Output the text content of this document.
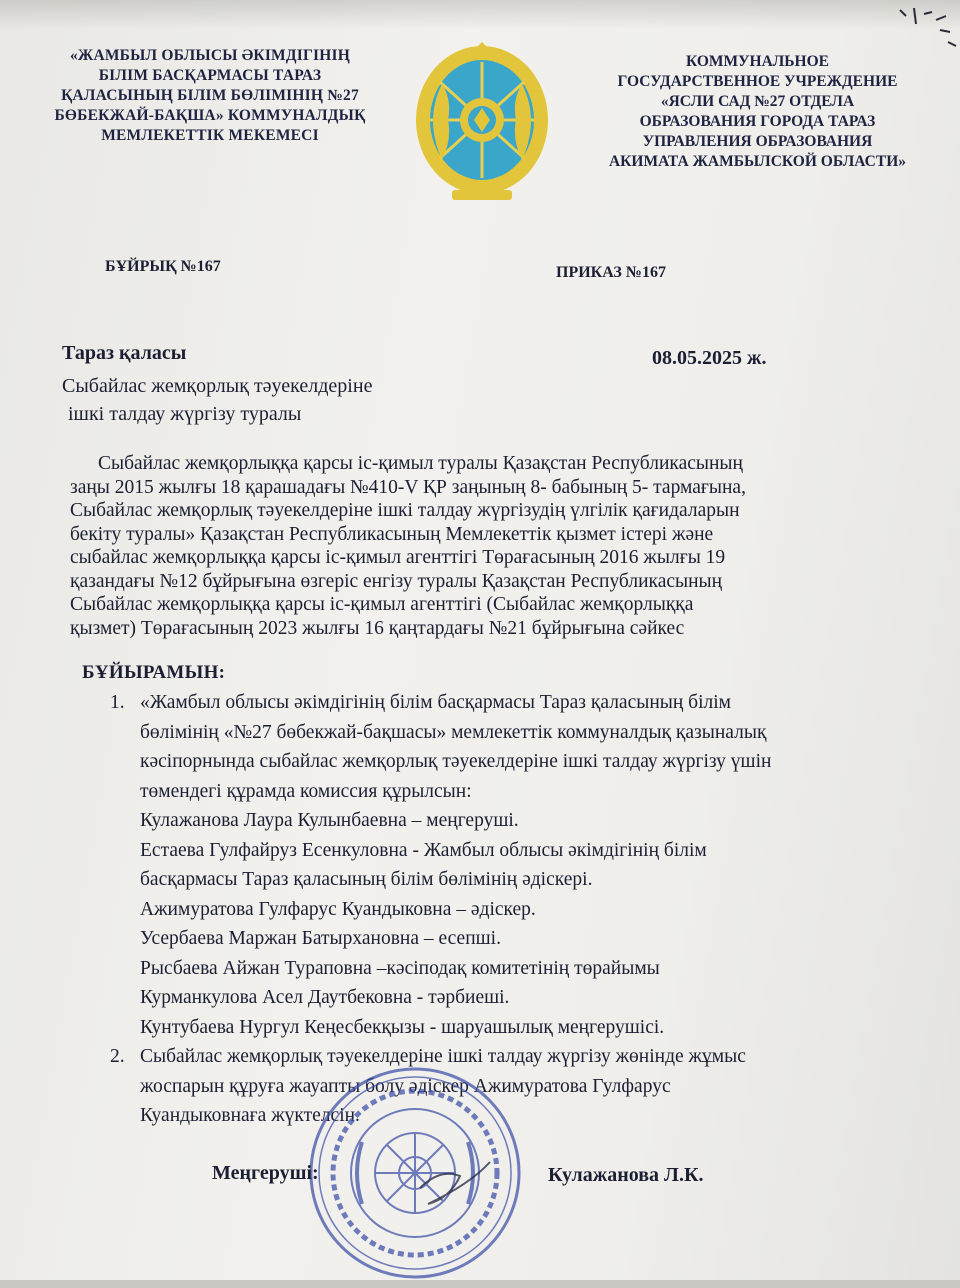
«ЖАМБЫЛ ОБЛЫСЫ ӘКІМДІГІНІҢ
БІЛІМ БАСҚАРМАСЫ ТАРАЗ
ҚАЛАСЫНЫҢ БІЛІМ БӨЛІМІНІҢ №27
БӨБЕКЖАЙ-БАҚША» КОММУНАЛДЫҚ
МЕМЛЕКЕТТІК МЕКЕМЕСІ
КОММУНАЛЬНОЕ
ГОСУДАРСТВЕННОЕ УЧРЕЖДЕНИЕ
«ЯСЛИ САД №27 ОТДЕЛА
ОБРАЗОВАНИЯ ГОРОДА ТАРАЗ
УПРАВЛЕНИЯ ОБРАЗОВАНИЯ
АКИМАТА ЖАМБЫЛСКОЙ ОБЛАСТИ»
БҰЙРЫҚ №167	ПРИКАЗ №167
Тараз қаласы	08.05.2025 ж.
Сыбайлас жемқорлық тәуекелдеріне
ішкі талдау жүргізу туралы
Сыбайлас жемқорлыққа қарсы іс-қимыл туралы Қазақстан Республикасының
заңы 2015 жылғы 18 қарашадағы №410-V ҚР заңының 8- бабының 5- тармағына,
Сыбайлас жемқорлық тәуекелдеріне ішкі талдау жүргізудің үлгілік қағидаларын
бекіту туралы» Қазақстан Республикасының Мемлекеттік қызмет істері және
сыбайлас жемқорлыққа қарсы іс-қимыл агенттігі Төрағасының 2016 жылғы 19
қазандағы №12 бұйрығына өзгеріс енгізу туралы Қазақстан Республикасының
Сыбайлас жемқорлыққа қарсы іс-қимыл агенттігі (Сыбайлас жемқорлыққа
қызмет) Төрағасының 2023 жылғы 16 қаңтардағы №21 бұйрығына сәйкес
БҰЙЫРАМЫН:
1. «Жамбыл облысы әкімдігінің білім басқармасы Тараз қаласының білім
бөлімінің «№27 бөбекжай-бақшасы» мемлекеттік коммуналдық қазыналық
кәсіпорнында сыбайлас жемқорлық тәуекелдеріне ішкі талдау жүргізу үшін
төмендегі құрамда комиссия құрылсын:
Кулажанова Лаура Кулынбаевна – меңгеруші.
Естаева Гулфайруз Есенкуловна - Жамбыл облысы әкімдігінің білім
басқармасы Тараз қаласының білім бөлімінің әдіскері.
Ажимуратова Гулфарус Куандыковна – әдіскер.
Усербаева Маржан Батырхановна – есепші.
Рысбаева Айжан Тураповна –кәсіподақ комитетінің төрайымы
Курманкулова Асел Даутбековна - тәрбиеші.
Кунтубаева Нургул Кеңесбекқызы - шаруашылық меңгерушісі.
2. Сыбайлас жемқорлық тәуекелдеріне ішкі талдау жүргізу жөнінде жұмыс
жоспарын құруға жауапты болу әдіскер Ажимуратова Гулфарус
Куандыковнаға жүктелсін.
Меңгеруші:	Кулажанова Л.К.
